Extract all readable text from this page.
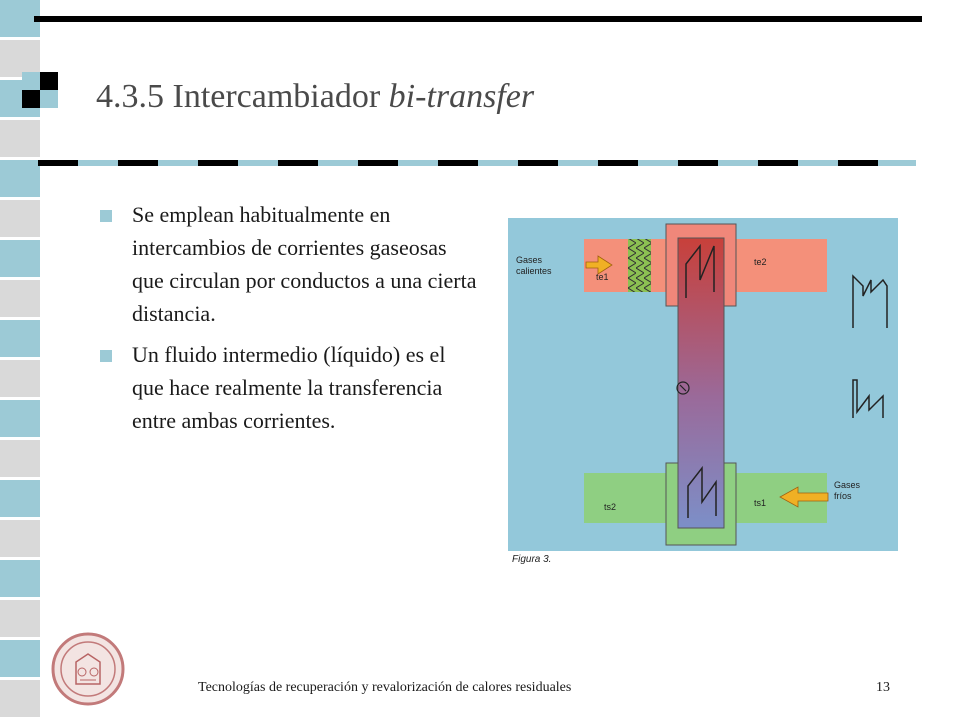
4.3.5 Intercambiador bi-transfer
Se emplean habitualmente en intercambios de corrientes gaseosas que circulan por conductos a una cierta distancia.
Un fluido intermedio (líquido) es el que hace realmente la transferencia entre ambas corrientes.
Gases
calientes
te1
te2
Gases
fríos
ts1
ts2
Figura 3.
Tecnologías de recuperación y revalorización de calores residuales	13
